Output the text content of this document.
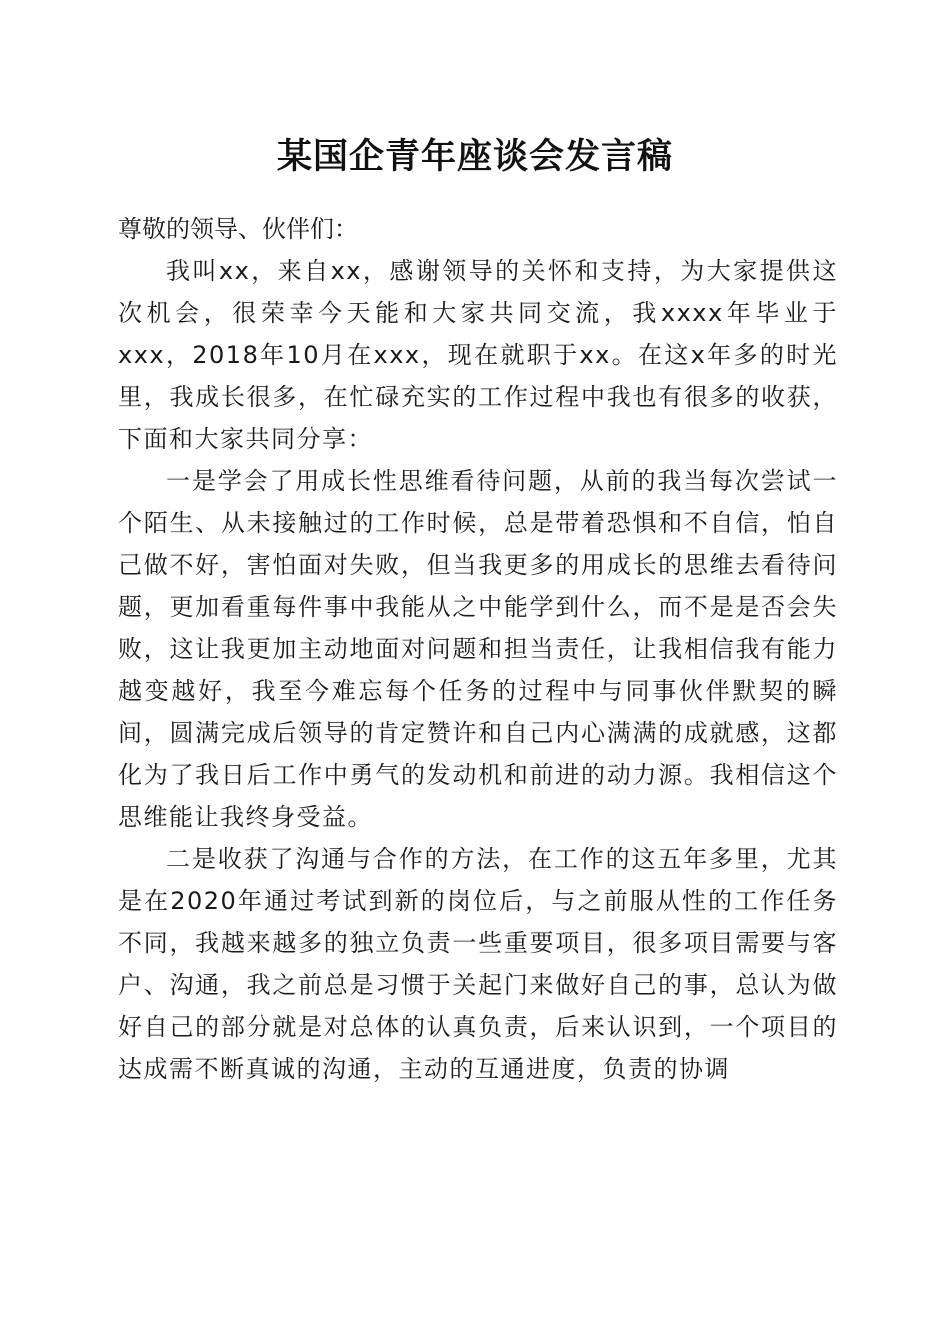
某国企青年座谈会发言稿

尊敬的领导、伙伴们：

我叫xx，来自xx，感谢领导的关怀和支持，为大家提供这次机会，很荣幸今天能和大家共同交流，我xxxx年毕业于xxx，2018年10月在xxx，现在就职于xx。在这x年多的时光里，我成长很多，在忙碌充实的工作过程中我也有很多的收获，下面和大家共同分享：

一是学会了用成长性思维看待问题，从前的我当每次尝试一个陌生、从未接触过的工作时候，总是带着恐惧和不自信，怕自己做不好，害怕面对失败，但当我更多的用成长的思维去看待问题，更加看重每件事中我能从之中能学到什么，而不是是否会失败，这让我更加主动地面对问题和担当责任，让我相信我有能力越变越好，我至今难忘每个任务的过程中与同事伙伴默契的瞬间，圆满完成后领导的肯定赞许和自己内心满满的成就感，这都化为了我日后工作中勇气的发动机和前进的动力源。我相信这个思维能让我终身受益。

二是收获了沟通与合作的方法，在工作的这五年多里，尤其是在2020年通过考试到新的岗位后，与之前服从性的工作任务不同，我越来越多的独立负责一些重要项目，很多项目需要与客户、沟通，我之前总是习惯于关起门来做好自己的事，总认为做好自己的部分就是对总体的认真负责，后来认识到，一个项目的达成需不断真诚的沟通，主动的互通进度，负责的协调
